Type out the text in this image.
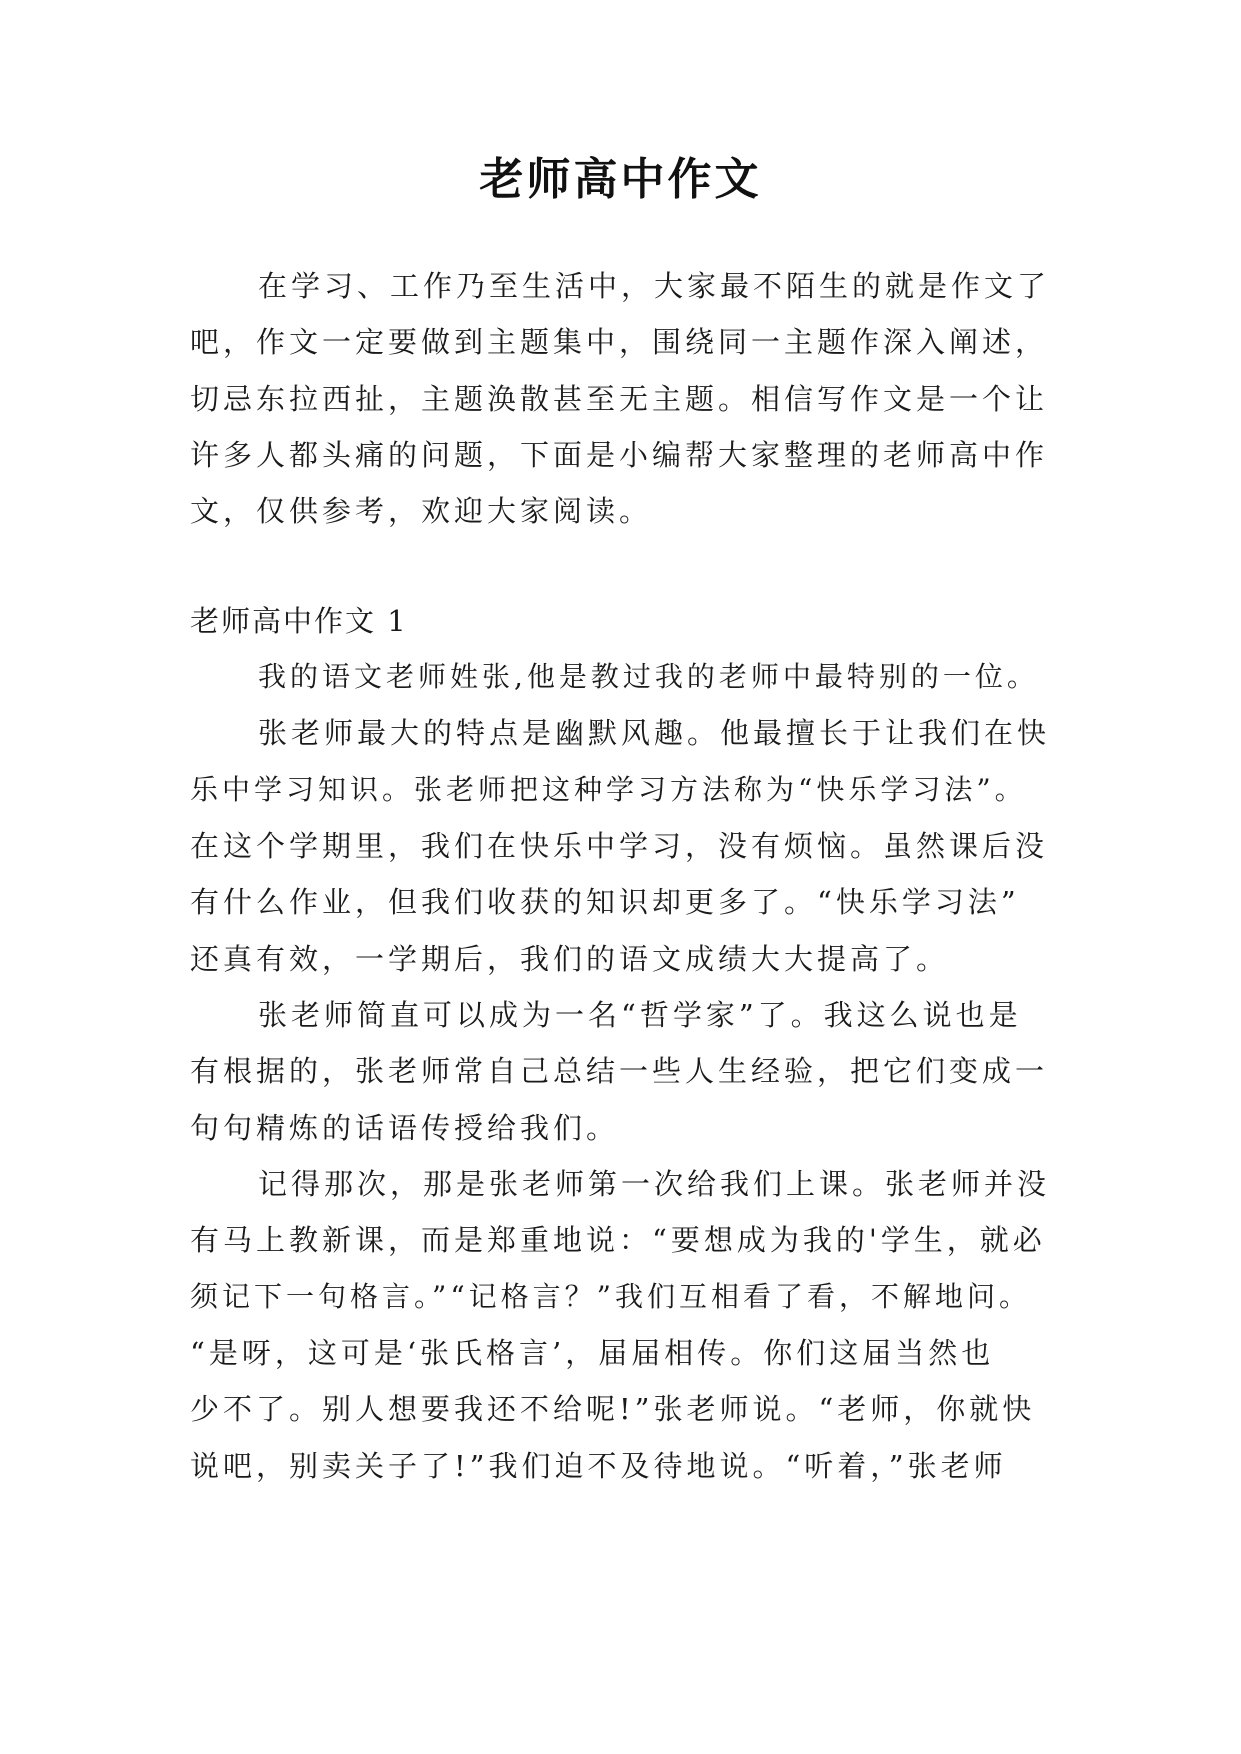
老师高中作文

在学习、工作乃至生活中，大家最不陌生的就是作文了

吧，作文一定要做到主题集中，围绕同一主题作深入阐述，

切忌东拉西扯，主题涣散甚至无主题。相信写作文是一个让

许多人都头痛的问题，下面是小编帮大家整理的老师高中作

文，仅供参考，欢迎大家阅读。

老师高中作文 1

我的语文老师姓张,他是教过我的老师中最特别的一位。

张老师最大的特点是幽默风趣。他最擅长于让我们在快

乐中学习知识。张老师把这种学习方法称为“快乐学习法”。

在这个学期里，我们在快乐中学习，没有烦恼。虽然课后没

有什么作业，但我们收获的知识却更多了。“快乐学习法”

还真有效，一学期后，我们的语文成绩大大提高了。

张老师简直可以成为一名“哲学家”了。我这么说也是

有根据的，张老师常自己总结一些人生经验，把它们变成一

句句精炼的话语传授给我们。

记得那次，那是张老师第一次给我们上课。张老师并没

有马上教新课，而是郑重地说：“要想成为我的'学生，就必

须记下一句格言。”“记格言？”我们互相看了看，不解地问。

“是呀，这可是‘张氏格言’，届届相传。你们这届当然也

少不了。别人想要我还不给呢!”张老师说。“老师，你就快

说吧，别卖关子了!”我们迫不及待地说。“听着，”张老师
